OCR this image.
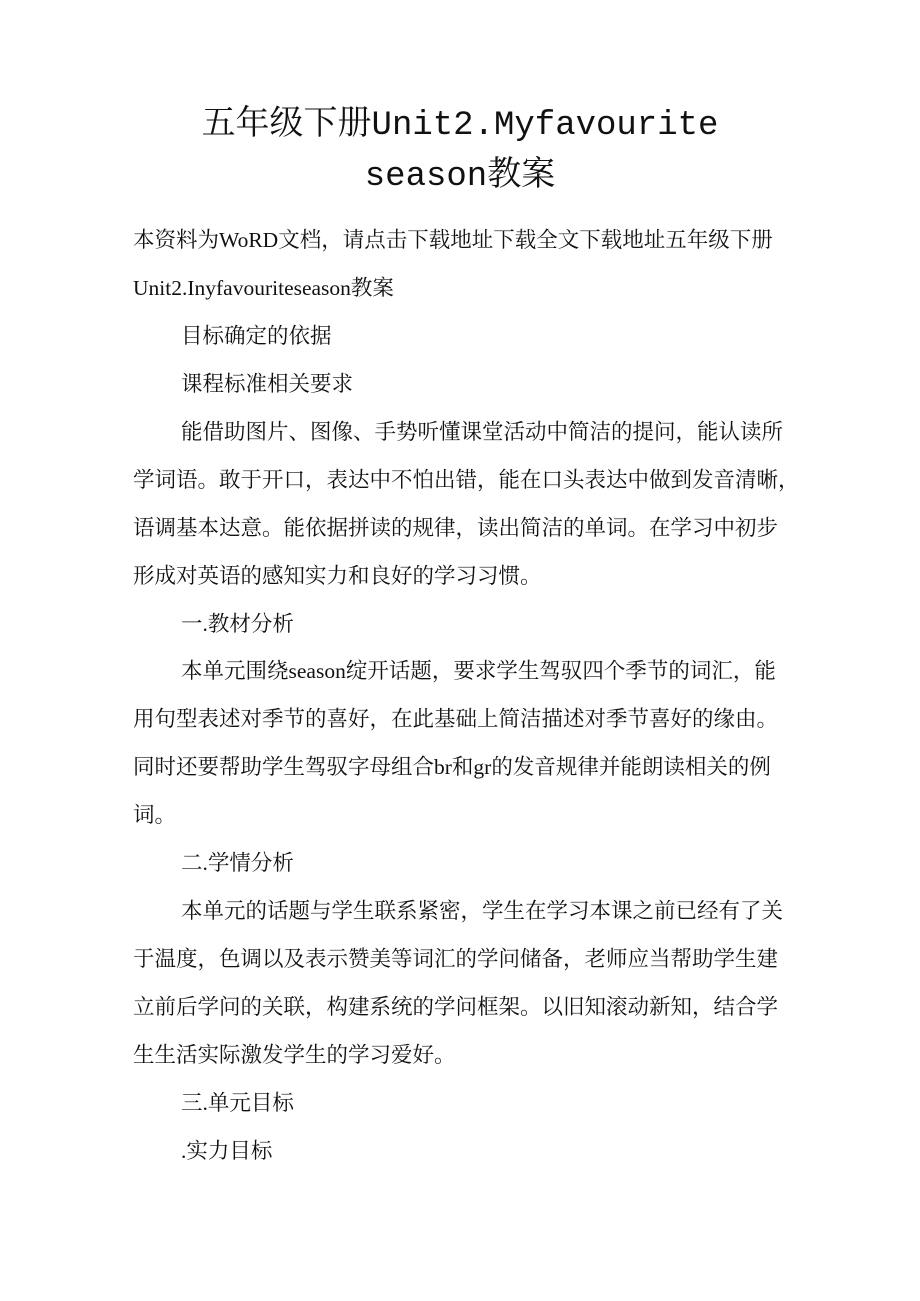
五年级下册Unit2.Myfavourite
season教案
本资料为WoRD文档，请点击下载地址下载全文下载地址五年级下册
Unit2.Inyfavouriteseason教案
目标确定的依据
课程标准相关要求
能借助图片、图像、手势听懂课堂活动中简洁的提问，能认读所
学词语。敢于开口，表达中不怕出错，能在口头表达中做到发音清晰，
语调基本达意。能依据拼读的规律，读出简洁的单词。在学习中初步
形成对英语的感知实力和良好的学习习惯。
一.教材分析
本单元围绕season绽开话题，要求学生驾驭四个季节的词汇，能
用句型表述对季节的喜好，在此基础上简洁描述对季节喜好的缘由。
同时还要帮助学生驾驭字母组合br和gr的发音规律并能朗读相关的例
词。
二.学情分析
本单元的话题与学生联系紧密，学生在学习本课之前已经有了关
于温度，色调以及表示赞美等词汇的学问储备，老师应当帮助学生建
立前后学问的关联，构建系统的学问框架。以旧知滚动新知，结合学
生生活实际激发学生的学习爱好。
三.单元目标
.实力目标
